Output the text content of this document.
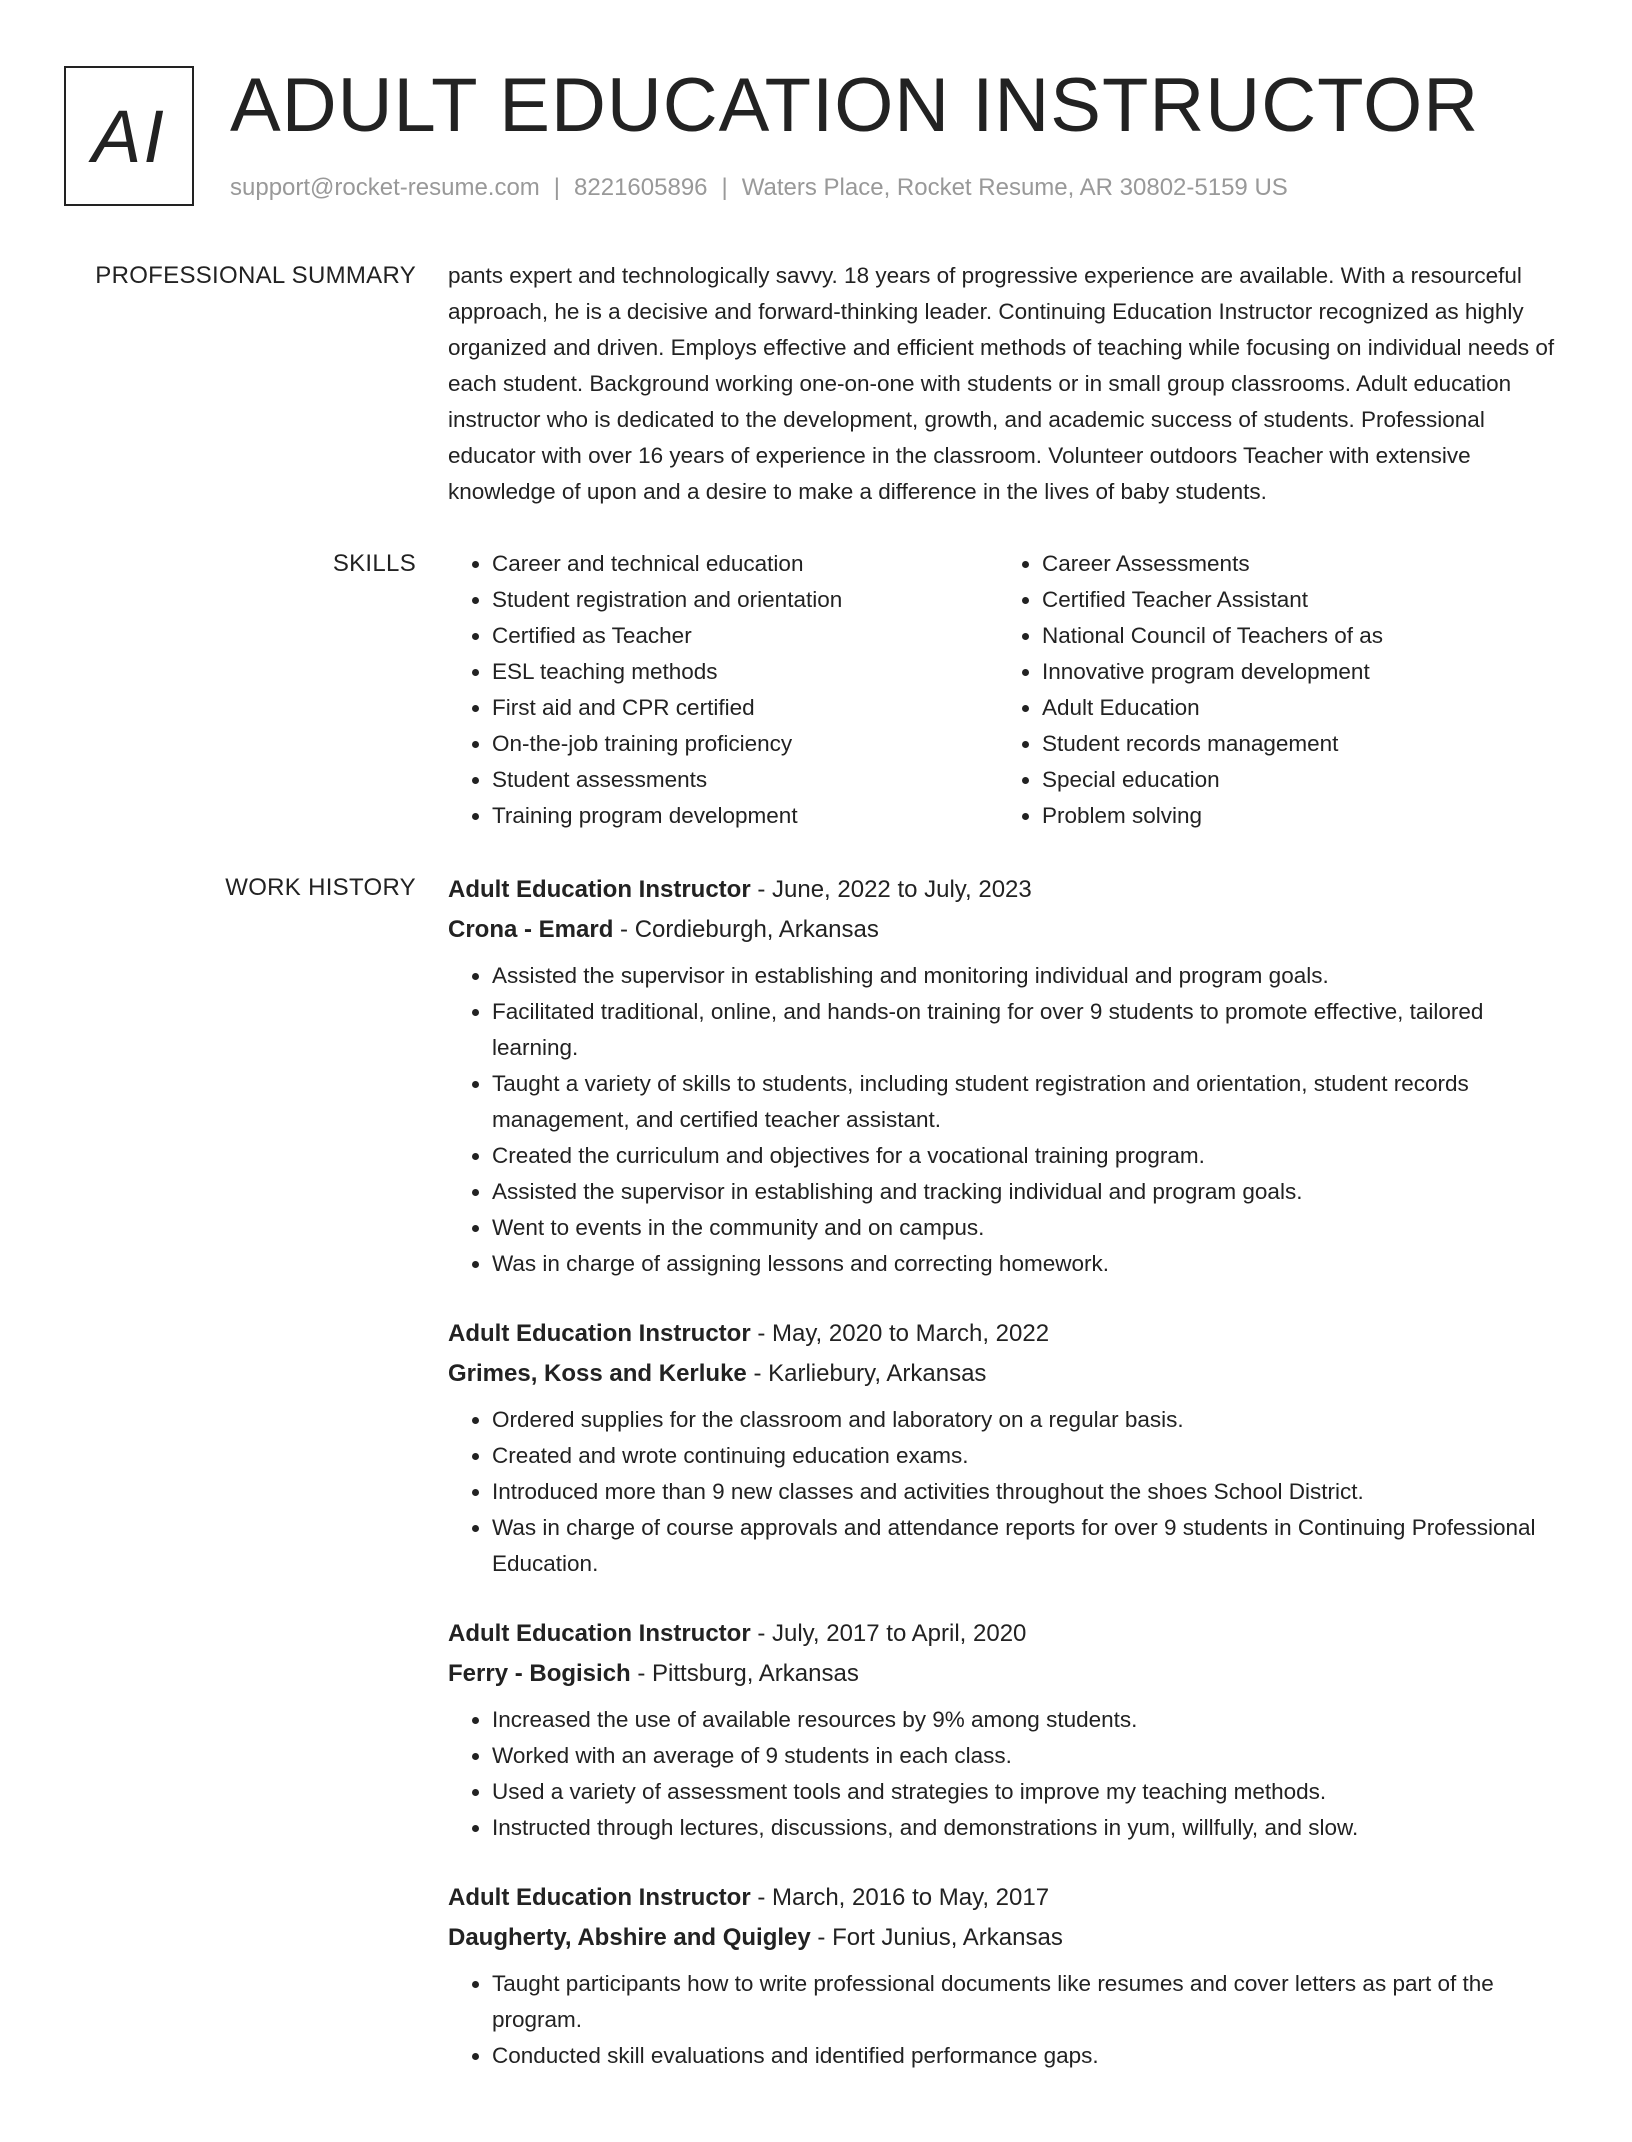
AI ADULT EDUCATION INSTRUCTOR
support@rocket-resume.com | 8221605896 | Waters Place, Rocket Resume, AR 30802-5159 US
PROFESSIONAL SUMMARY pants expert and technologically savvy. 18 years of progressive experience are available. With a resourceful approach, he is a decisive and forward-thinking leader. Continuing Education Instructor recognized as highly organized and driven. Employs effective and efficient methods of teaching while focusing on individual needs of each student. Background working one-on-one with students or in small group classrooms. Adult education instructor who is dedicated to the development, growth, and academic success of students. Professional educator with over 16 years of experience in the classroom. Volunteer outdoors Teacher with extensive knowledge of upon and a desire to make a difference in the lives of baby students.

SKILLS
•	Career and technical education
• Student registration and orientation
• Certified as Teacher
• ESL teaching methods
• First aid and CPR certified
• On-the-job training proficiency
• Student assessments
• Training program development
• Career Assessments
• Certified Teacher Assistant
• National Council of Teachers of as
• Innovative program development
• Adult Education
• Student records management
• Special education
• Problem solving
WORK HISTORY Adult Education Instructor - June, 2022 to July, 2023
Crona - Emard - Cordieburgh, Arkansas
• Assisted the supervisor in establishing and monitoring individual and program goals.
• Facilitated traditional, online, and hands-on training for over 9 students to promote effective, tailored learning.
• Taught a variety of skills to students, including student registration and orientation, student records management, and certified teacher assistant.
• Created the curriculum and objectives for a vocational training program.
• Assisted the supervisor in establishing and tracking individual and program goals.
• Went to events in the community and on campus.
• Was in charge of assigning lessons and correcting homework.
Adult Education Instructor - May, 2020 to March, 2022
Grimes, Koss and Kerluke - Karliebury, Arkansas
• Ordered supplies for the classroom and laboratory on a regular basis.
• Created and wrote continuing education exams.
• Introduced more than 9 new classes and activities throughout the shoes School District.
• Was in charge of course approvals and attendance reports for over 9 students in Continuing Professional Education.
Adult Education Instructor - July, 2017 to April, 2020
Ferry - Bogisich - Pittsburg, Arkansas
• Increased the use of available resources by 9% among students.
• Worked with an average of 9 students in each class.
• Used a variety of assessment tools and strategies to improve my teaching methods.
• Instructed through lectures, discussions, and demonstrations in yum, willfully, and slow.
Adult Education Instructor - March, 2016 to May, 2017
Daugherty, Abshire and Quigley - Fort Junius, Arkansas
• Taught participants how to write professional documents like resumes and cover letters as part of the program.
• Conducted skill evaluations and identified performance gaps.
